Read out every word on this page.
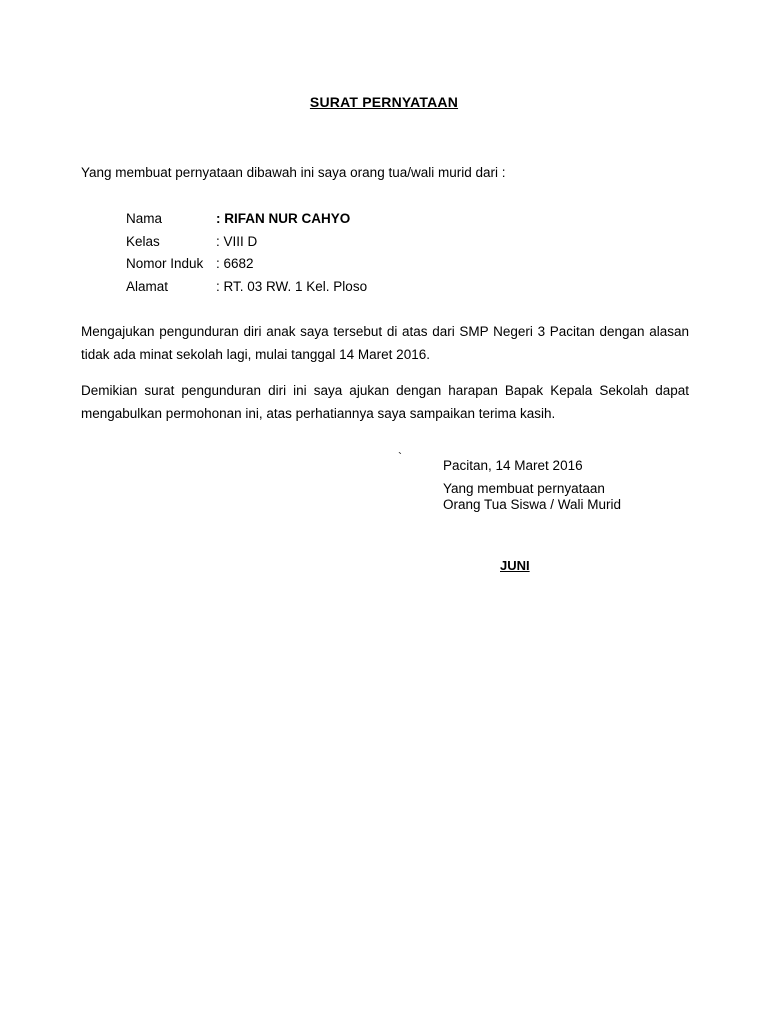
SURAT PERNYATAAN
Yang membuat pernyataan dibawah ini saya orang tua/wali murid dari :
Nama	: RIFAN NUR CAHYO
Kelas	: VIII D
Nomor Induk : 6682
Alamat	: RT. 03 RW. 1 Kel. Ploso
Mengajukan pengunduran diri anak saya tersebut di atas dari SMP Negeri 3 Pacitan dengan alasan tidak ada minat sekolah lagi, mulai tanggal 14 Maret 2016.
Demikian surat pengunduran diri ini saya ajukan dengan harapan Bapak Kepala Sekolah dapat mengabulkan permohonan ini, atas perhatiannya saya sampaikan terima kasih.
`
Pacitan, 14 Maret 2016
Yang membuat pernyataan
Orang Tua Siswa / Wali Murid
JUNI
